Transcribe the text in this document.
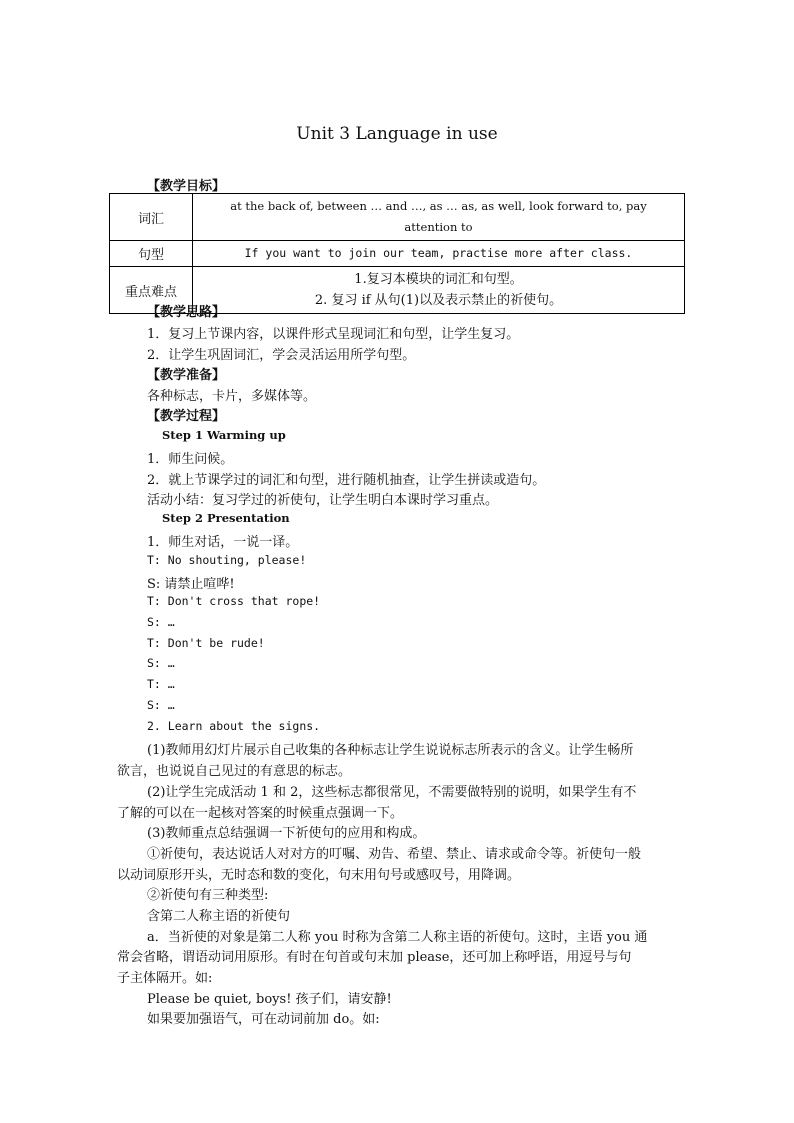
Unit 3 Language in use
【教学目标】
词汇	at the back of, between … and …, as … as, as well, look forward to, pay
attention to

句型	If you want to join our team, practise more after class.

重点难点	1.复习本模块的词汇和句型。
2. 复习 if 从句(1)以及表示禁止的祈使句。
【教学思路】
1．复习上节课内容，以课件形式呈现词汇和句型，让学生复习。
2．让学生巩固词汇，学会灵活运用所学句型。
【教学准备】
各种标志，卡片，多媒体等。
【教学过程】
Step 1 Warming up
1．师生问候。
2．就上节课学过的词汇和句型，进行随机抽查，让学生拼读或造句。
活动小结：复习学过的祈使句，让学生明白本课时学习重点。
Step 2 Presentation
1．师生对话，一说一译。
T: No shouting, please!
S: 请禁止喧哗!
T: Don't cross that rope!
S: …
T: Don't be rude!
S: …
T: …
S: …
2. Learn about the signs.
(1)教师用幻灯片展示自己收集的各种标志让学生说说标志所表示的含义。让学生畅所
欲言，也说说自己见过的有意思的标志。
(2)让学生完成活动 1 和 2，这些标志都很常见，不需要做特别的说明，如果学生有不
了解的可以在一起核对答案的时候重点强调一下。
(3)教师重点总结强调一下祈使句的应用和构成。
①祈使句，表达说话人对对方的叮嘱、劝告、希望、禁止、请求或命令等。祈使句一般
以动词原形开头，无时态和数的变化，句末用句号或感叹号，用降调。
②祈使句有三种类型:
含第二人称主语的祈使句
a．当祈使的对象是第二人称 you 时称为含第二人称主语的祈使句。这时，主语 you 通
常会省略，谓语动词用原形。有时在句首或句末加 please，还可加上称呼语，用逗号与句
子主体隔开。如:
Please be quiet, boys! 孩子们，请安静!
如果要加强语气，可在动词前加 do。如:
